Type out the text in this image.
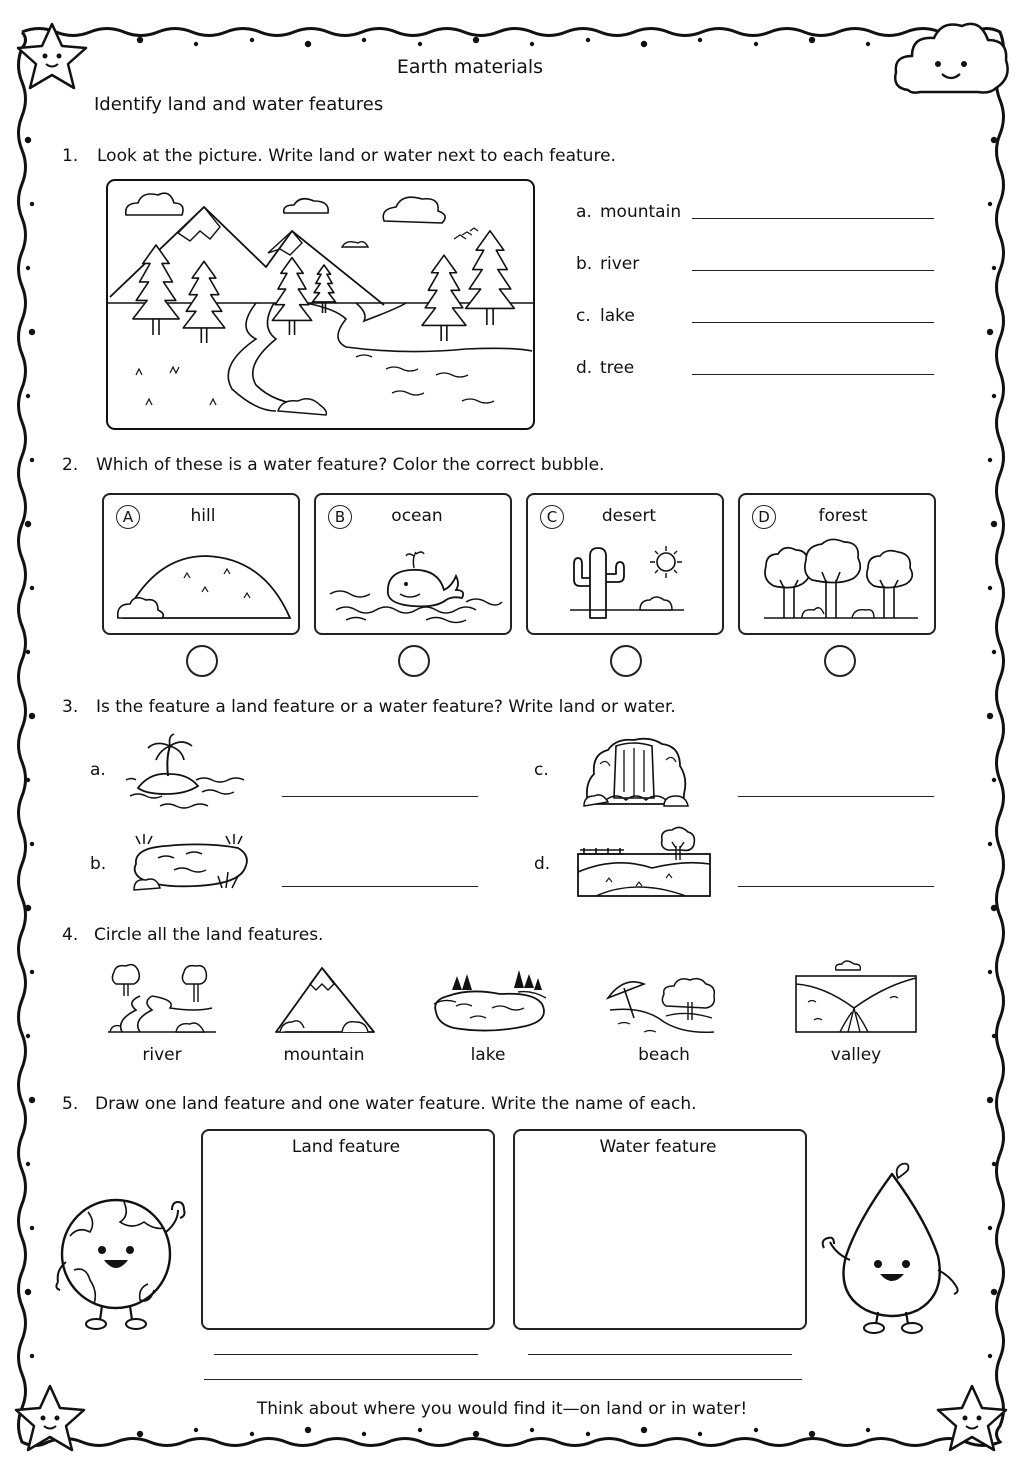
Earth materials
Identify land and water features
1. Look at the picture. Write land or water next to each feature.
a. mountain
b. river
c. lake
d. tree
2. Which of these is a water feature? Color the correct bubble.
A	B	C	D
hill	ocean	desert	forest
3. Is the feature a land feature or a water feature? Write land or water.
a.
b.
c.
d.
4. Circle all the land features.
river	mountain	lake	beach	valley
5. Draw one land feature and one water feature. Write the name of each.
Land feature	Water feature
Think about where you would find it—on land or in water!
